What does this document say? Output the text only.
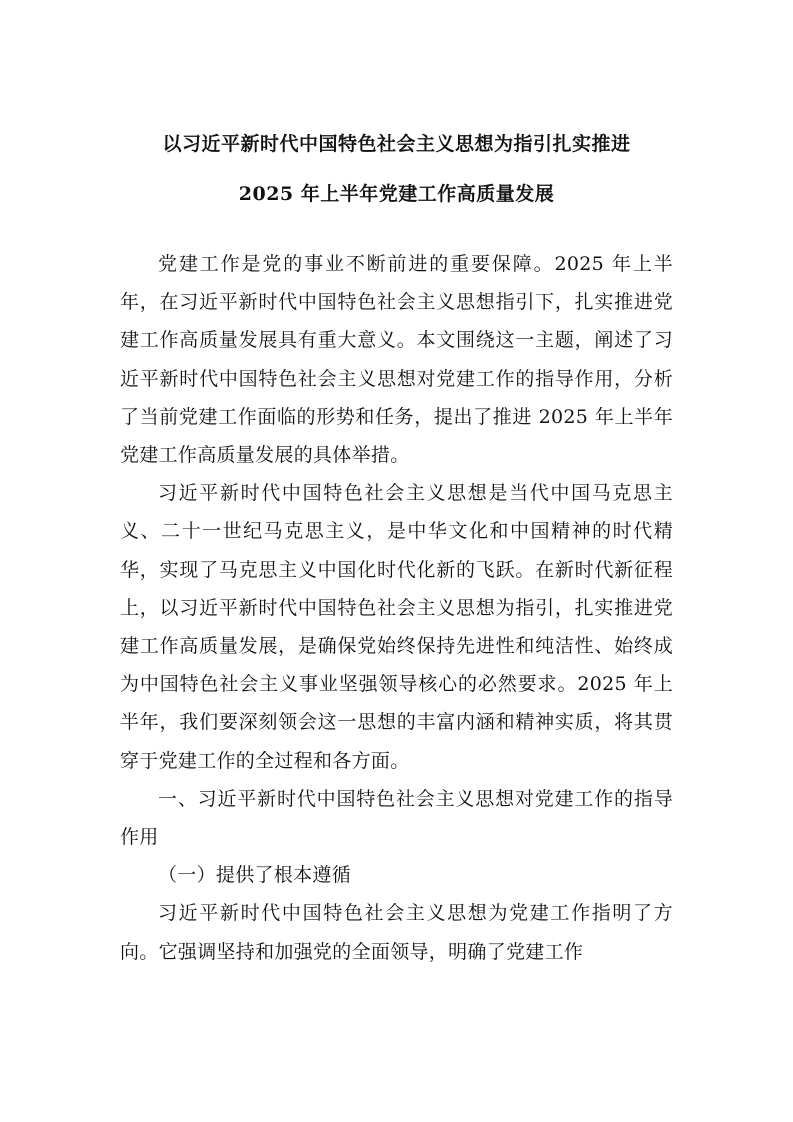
以习近平新时代中国特色社会主义思想为指引扎实推进
2025 年上半年党建工作高质量发展

党建工作是党的事业不断前进的重要保障。2025 年上半年，在习近平新时代中国特色社会主义思想指引下，扎实推进党建工作高质量发展具有重大意义。本文围绕这一主题，阐述了习近平新时代中国特色社会主义思想对党建工作的指导作用，分析了当前党建工作面临的形势和任务，提出了推进 2025 年上半年党建工作高质量发展的具体举措。

习近平新时代中国特色社会主义思想是当代中国马克思主义、二十一世纪马克思主义，是中华文化和中国精神的时代精华，实现了马克思主义中国化时代化新的飞跃。在新时代新征程上，以习近平新时代中国特色社会主义思想为指引，扎实推进党建工作高质量发展，是确保党始终保持先进性和纯洁性、始终成为中国特色社会主义事业坚强领导核心的必然要求。2025 年上半年，我们要深刻领会这一思想的丰富内涵和精神实质，将其贯穿于党建工作的全过程和各方面。

一、习近平新时代中国特色社会主义思想对党建工作的指导作用

（一）提供了根本遵循

习近平新时代中国特色社会主义思想为党建工作指明了方向。它强调坚持和加强党的全面领导，明确了党建工作
